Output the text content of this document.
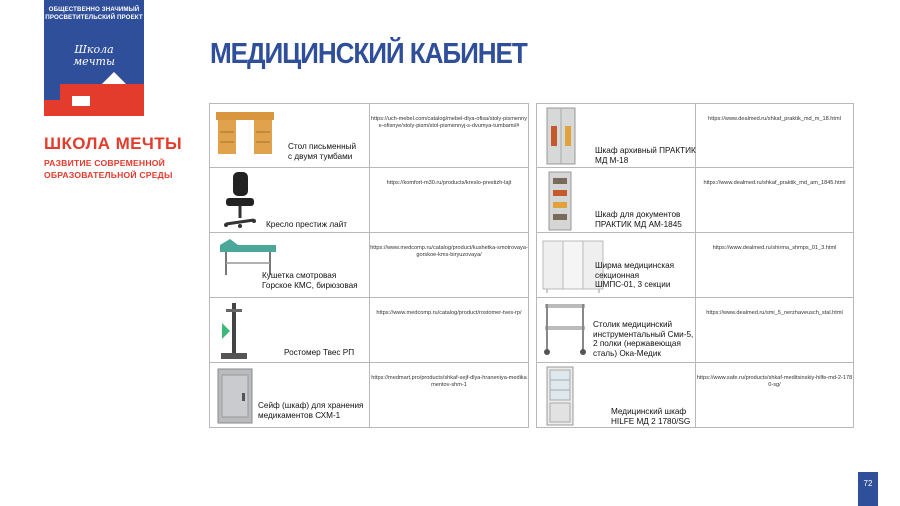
ОБЩЕСТВЕННО ЗНАЧИМЫЙ
ПРОСВЕТИТЕЛЬСКИЙ ПРОЕКТ
Школа
мечты
ШКОЛА МЕЧТЫ
РАЗВИТИЕ СОВРЕМЕННОЙ
ОБРАЗОВАТЕЛЬНОЙ СРЕДЫ
МЕДИЦИНСКИЙ КАБИНЕТ
Стол письменный
с двумя тумбами
https://uch-mebel.com/catalog/mebel-dlya-ofisa/stoly-pismennye-ofisnye/stoly-pism/stol-pismennyj-s-dvumya-tumbami/#
Кресло престиж лайт
https://komfort-m30.ru/products/kreslo-prestizh-lajt
Кушетка смотровая
Горское КМС, бирюзовая
https://www.medcomp.ru/catalog/product/kushetka-smotrovaya-gorskoe-kms-biryuzovaya/
Ростомер Твес РП
https://www.medcomp.ru/catalog/product/rostomer-tves-rp/
Сейф (шкаф) для хранения
медикаментов СХМ-1
https://medmart.pro/products/shkaf-sejf-dlya-hraneniya-medikamentov-shm-1
Шкаф архивный ПРАКТИК
МД М-18
https://www.dealmed.ru/shkaf_praktik_md_m_18.html
Шкаф для документов
ПРАКТИК МД АМ-1845
https://www.dealmed.ru/shkaf_praktik_md_am_1845.html
Ширма медицинская
секционная
ШМПС-01, 3 секции
https://www.dealmed.ru/shirma_shmps_01_3.html
Столик медицинский
инструментальный Сми-5,
2 полки (нержавеющая
сталь) Ока-Медик
https://www.dealmed.ru/smi_5_nerzhaveusch_stal.html
Медицинский шкаф
HILFE МД 2 1780/SG
https://www.safe.ru/products/shkaf-meditsinskiy-hilfe-md-2-1780-sg/
72
